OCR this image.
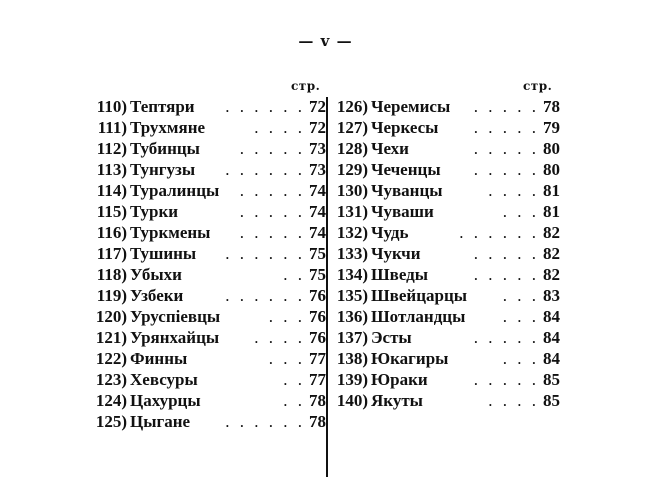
— v —
стр.	стр.
110) Тептяри	. . . . . . 72
111) Трухмяне	. . . . 72
112) Тубинцы	. . . . . 73
113) Тунгузы	. . . . . . 73
114) Туралинцы	. . . . . 74
115) Турки	. . . . . 74
116) Туркмены	. . . . . 74
117) Тушины	. . . . . . 75
118) Убыхи	. . 75
119) Узбеки	. . . . . . 76
120) Уруспіевцы	. . . 76
121) Урянхайцы	. . . . 76
122) Финны	. . . 77
123) Хевсуры	. . 77
124) Цахурцы	. . 78
125) Цыгане	. . . . . . 78
126) Черемисы	. . . . . 78
127) Черкесы	. . . . . 79
128) Чехи	. . . . . 80
129) Чеченцы	. . . . . 80
130) Чуванцы	. . . . 81
131) Чуваши	. . . 81
132) Чудь	. . . . . . 82
133) Чукчи	. . . . . 82
134) Шведы	. . . . . 82
135) Швейцарцы	. . . 83
136) Шотландцы	. . . 84
137) Эсты	. . . . . 84
138) Юкагиры	. . . 84
139) Юраки	. . . . . 85
140) Якуты	. . . . 85
